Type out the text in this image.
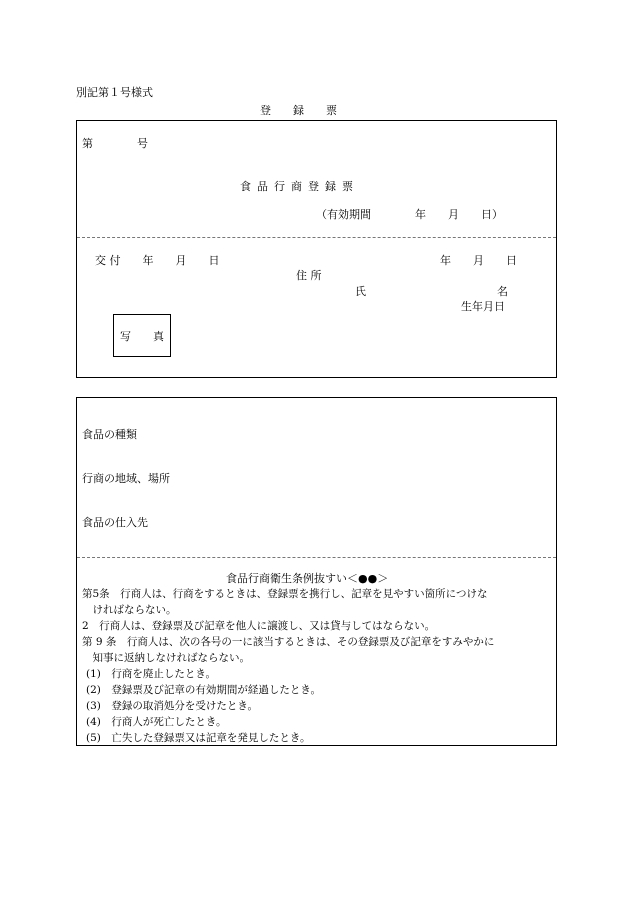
別記第１号様式
登　　録　　票
第　　　　号
食品行商登録票
（有効期間　　　　年　　月　　日）
交 付　　年　　月　　日	年　　月　　日
住 所
氏	名
生年月日
写　　真
食品の種類
行商の地域、場所
食品の仕入先
食品行商衛生条例抜すい＜●●＞
第5条　行商人は、行商をするときは、登録票を携行し、記章を見やすい箇所につけな
　ければならない。
2　行商人は、登録票及び記章を他人に譲渡し、又は貸与してはならない。
第 9 条　行商人は、次の各号の一に該当するときは、その登録票及び記章をすみやかに
　知事に返納しなければならない。
(1)　行商を廃止したとき。
(2)　登録票及び記章の有効期間が経過したとき。
(3)　登録の取消処分を受けたとき。
(4)　行商人が死亡したとき。
(5)　亡失した登録票又は記章を発見したとき。
